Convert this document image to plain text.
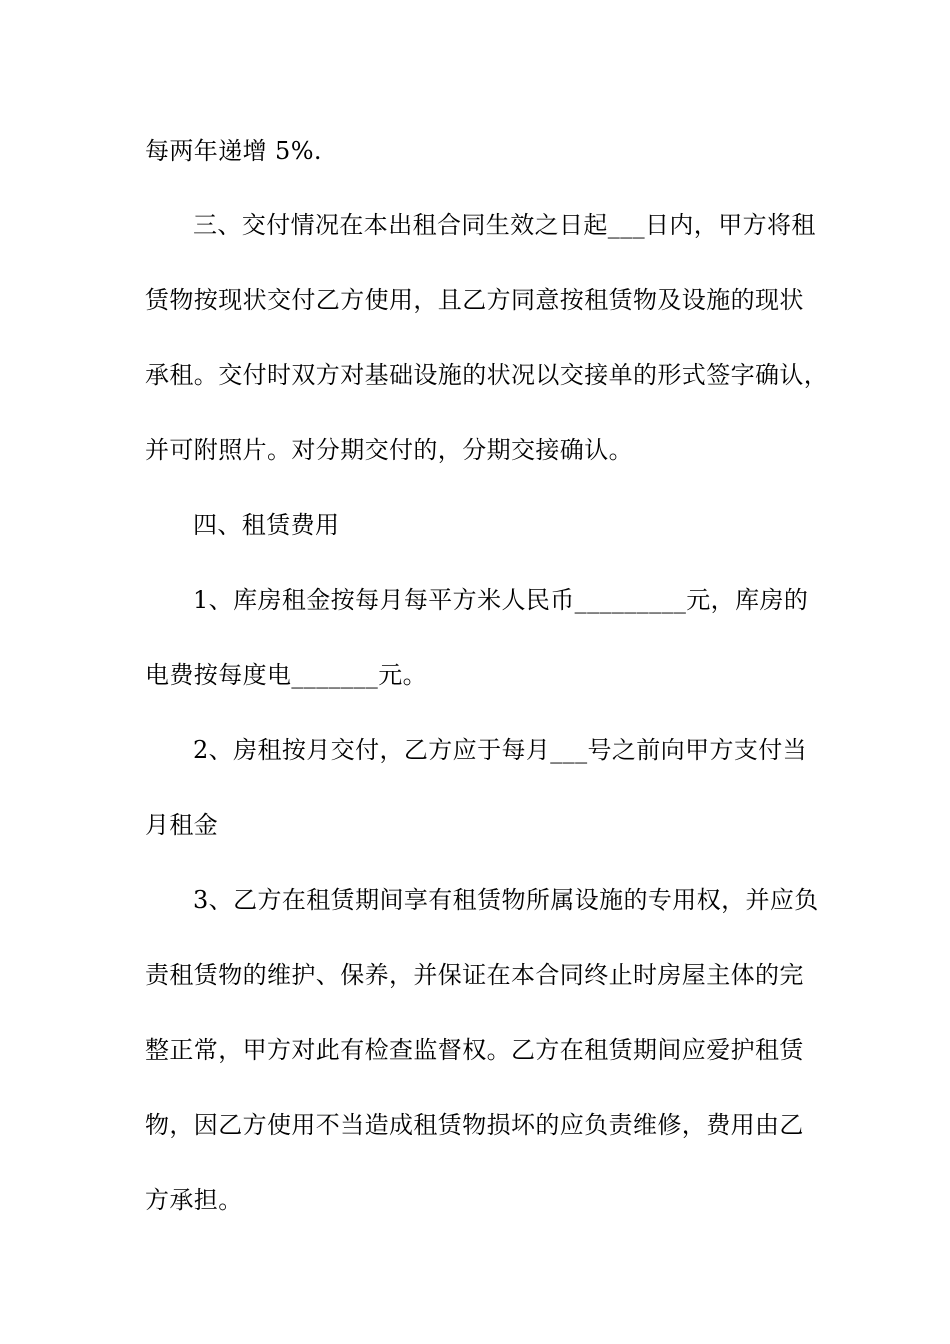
每两年递增 5%.
三、交付情况在本出租合同生效之日起___日内，甲方将租
赁物按现状交付乙方使用，且乙方同意按租赁物及设施的现状
承租。交付时双方对基础设施的状况以交接单的形式签字确认，
并可附照片。对分期交付的，分期交接确认。
四、租赁费用
1、库房租金按每月每平方米人民币_________元，库房的
电费按每度电_______元。
2、房租按月交付，乙方应于每月___号之前向甲方支付当
月租金
3、乙方在租赁期间享有租赁物所属设施的专用权，并应负
责租赁物的维护、保养，并保证在本合同终止时房屋主体的完
整正常，甲方对此有检查监督权。乙方在租赁期间应爱护租赁
物，因乙方使用不当造成租赁物损坏的应负责维修，费用由乙
方承担。
